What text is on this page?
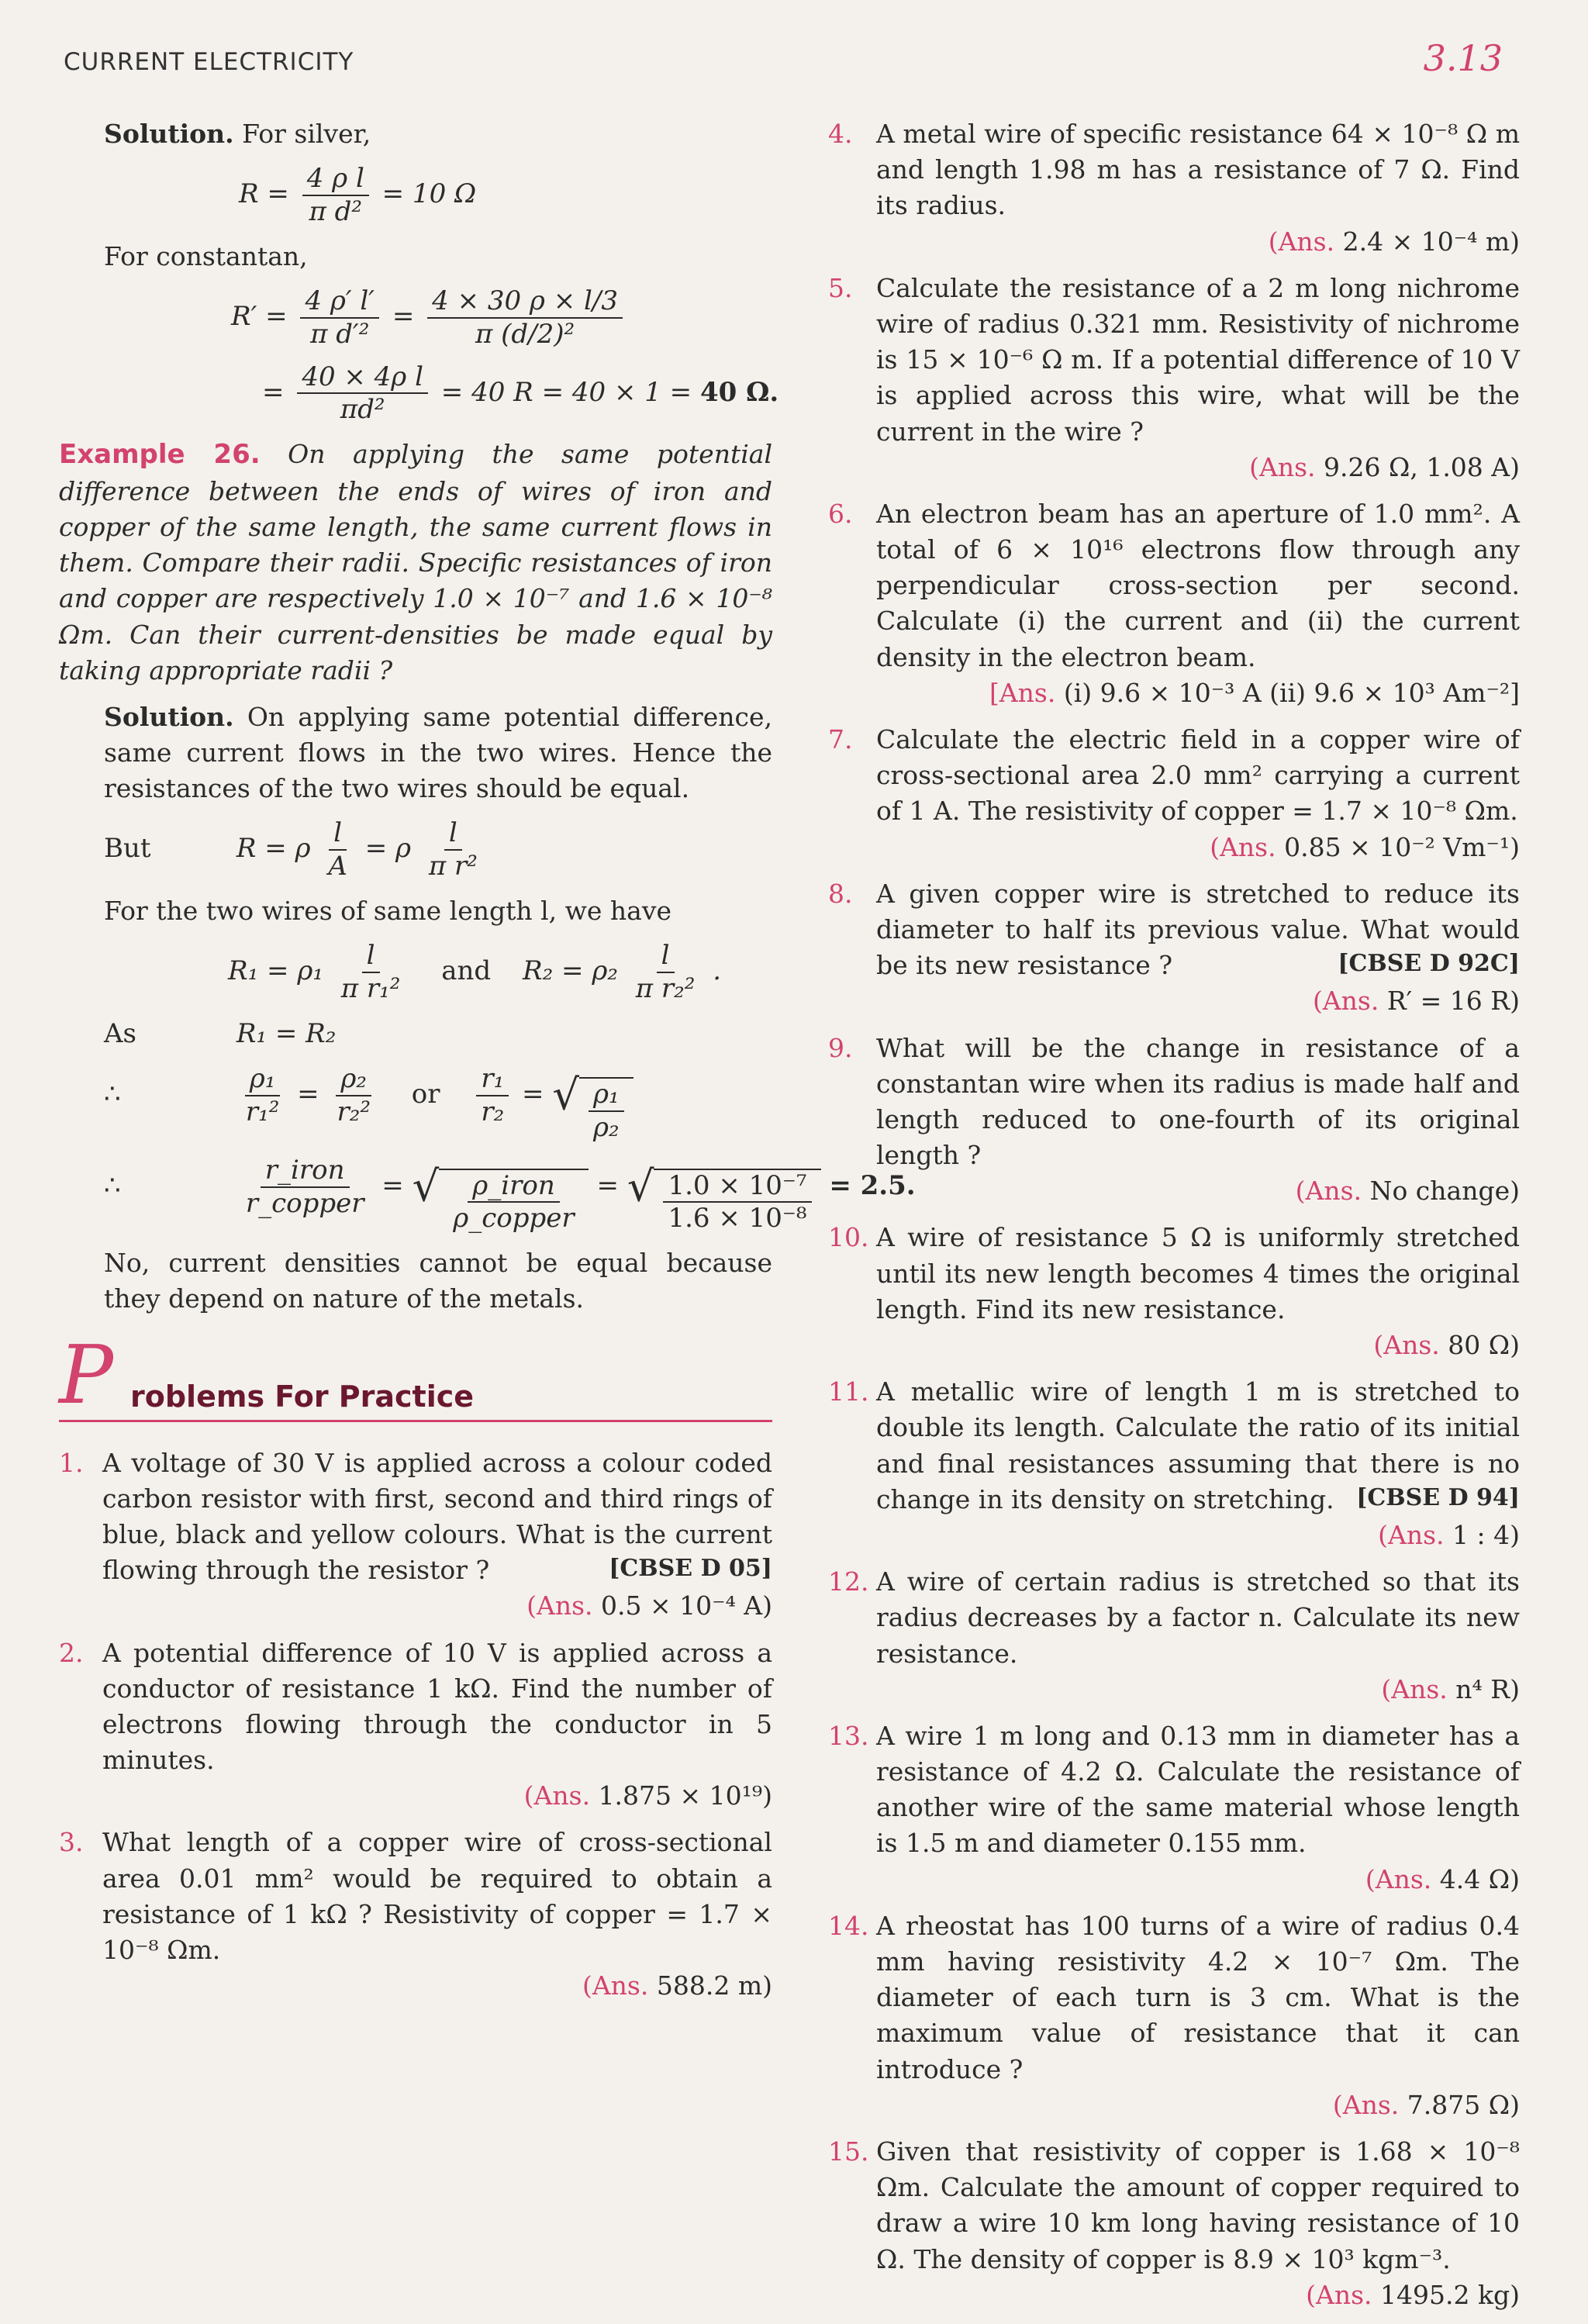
CURRENT ELECTRICITY	3.13

Solution. For silver,

$R = \frac{\text{4 ρ l}}{\text{π d²}} = 10$ Ω

For constantan,

$R' = \frac{4 \rho' l'}{\text{π d′²}} = \frac{4 \times 30 \rho \times l/3}{\text{π (d/2)²}}$
= $\frac{\text{40 × 4ρ l}}{\text{πd²}} = 40$ R = 40 × 1 = 40 Ω.

Example 26. On applying the same potential difference between the ends of wires of iron and copper of the same length, the same current flows in them. Compare their radii. Specific resistances of iron and copper are respectively 1.0 × 10⁻⁷ and 1.6 × 10⁻⁸ Ωm. Can their current-densities be made equal by taking appropriate radii ?

Solution. On applying same potential difference, same current flows in the two wires. Hence the resistances of the two wires should be equal.

But	R = ρ $\frac{l}{A} = \rho \frac{l}{\text{π r²}}$

For the two wires of same length l, we have

$R_1 = \rho_1 \frac{l}{\text{π r₁²}}$ and $R_2 = \rho_2 \frac{l}{\text{π r₂²}}$ .
As	R₁ = R₂
∴	$\frac{\text{ρ₁}}{\text{r₁²}} = \frac{\text{ρ₂}}{\text{r₂²}}$ or $\frac{\text{r₁}}{\text{r₂}}$ = √ $\frac{\text{ρ₁}}{\text{ρ₂}}$
∴	$\frac{\text{r\_iron}}{\text{r\_copper}}$ = √ $\frac{\text{ρ\_iron}}{\text{ρ\_copper}}$ = √ $\frac{\text{1.0 × 10⁻⁷}}{\text{1.6 × 10⁻⁸}} = 2.5$.

No, current densities cannot be equal because they depend on nature of the metals.

P roblems For Practice
1. A voltage of 30 V is applied across a colour coded carbon resistor with first, second and third rings of blue, black and yellow colours. What is the current flowing through the resistor ?	[CBSE D 05]
(Ans. 0.5 × 10⁻⁴ A)
2. A potential difference of 10 V is applied across a conductor of resistance 1 kΩ. Find the number of electrons flowing through the conductor in 5 minutes.
(Ans. 1.875 × 10¹⁹)
3. What length of a copper wire of cross-sectional area 0.01 mm² would be required to obtain a resistance of 1 kΩ ? Resistivity of copper = 1.7 × 10⁻⁸ Ωm.
(Ans. 588.2 m)
4. A metal wire of specific resistance 64 × 10⁻⁸ Ω m and length 1.98 m has a resistance of 7 Ω. Find its radius.
(Ans. 2.4 × 10⁻⁴ m)
5. Calculate the resistance of a 2 m long nichrome wire of radius 0.321 mm. Resistivity of nichrome is 15 × 10⁻⁶ Ω m. If a potential difference of 10 V is applied across this wire, what will be the current in the wire ?
(Ans. 9.26 Ω, 1.08 A)
6. An electron beam has an aperture of 1.0 mm². A total of 6 × 10¹⁶ electrons flow through any perpendicular cross-section per second. Calculate (i) the current and (ii) the current density in the electron beam.
[Ans. (i) 9.6 × 10⁻³ A (ii) 9.6 × 10³ Am⁻²]
7. Calculate the electric field in a copper wire of cross-sectional area 2.0 mm² carrying a current of 1 A. The resistivity of copper = 1.7 × 10⁻⁸ Ωm.
(Ans. 0.85 × 10⁻² Vm⁻¹)
8. A given copper wire is stretched to reduce its diameter to half its previous value. What would be its new resistance ?	[CBSE D 92C]
(Ans. R′ = 16 R)
9. What will be the change in resistance of a constantan wire when its radius is made half and length reduced to one-fourth of its original length ?
(Ans. No change)
10. A wire of resistance 5 Ω is uniformly stretched until its new length becomes 4 times the original length. Find its new resistance.
(Ans. 80 Ω)
11. A metallic wire of length 1 m is stretched to double its length. Calculate the ratio of its initial and final resistances assuming that there is no change in its density on stretching. [CBSE D 94]
(Ans. 1 : 4)
12. A wire of certain radius is stretched so that its radius decreases by a factor n. Calculate its new resistance.
(Ans. n⁴ R)
13. A wire 1 m long and 0.13 mm in diameter has a resistance of 4.2 Ω. Calculate the resistance of another wire of the same material whose length is 1.5 m and diameter 0.155 mm.
(Ans. 4.4 Ω)
14. A rheostat has 100 turns of a wire of radius 0.4 mm having resistivity 4.2 × 10⁻⁷ Ωm. The diameter of each turn is 3 cm. What is the maximum value of resistance that it can introduce ?
(Ans. 7.875 Ω)
15. Given that resistivity of copper is 1.68 × 10⁻⁸ Ωm. Calculate the amount of copper required to draw a wire 10 km long having resistance of 10 Ω. The density of copper is 8.9 × 10³ kgm⁻³.
(Ans. 1495.2 kg)
